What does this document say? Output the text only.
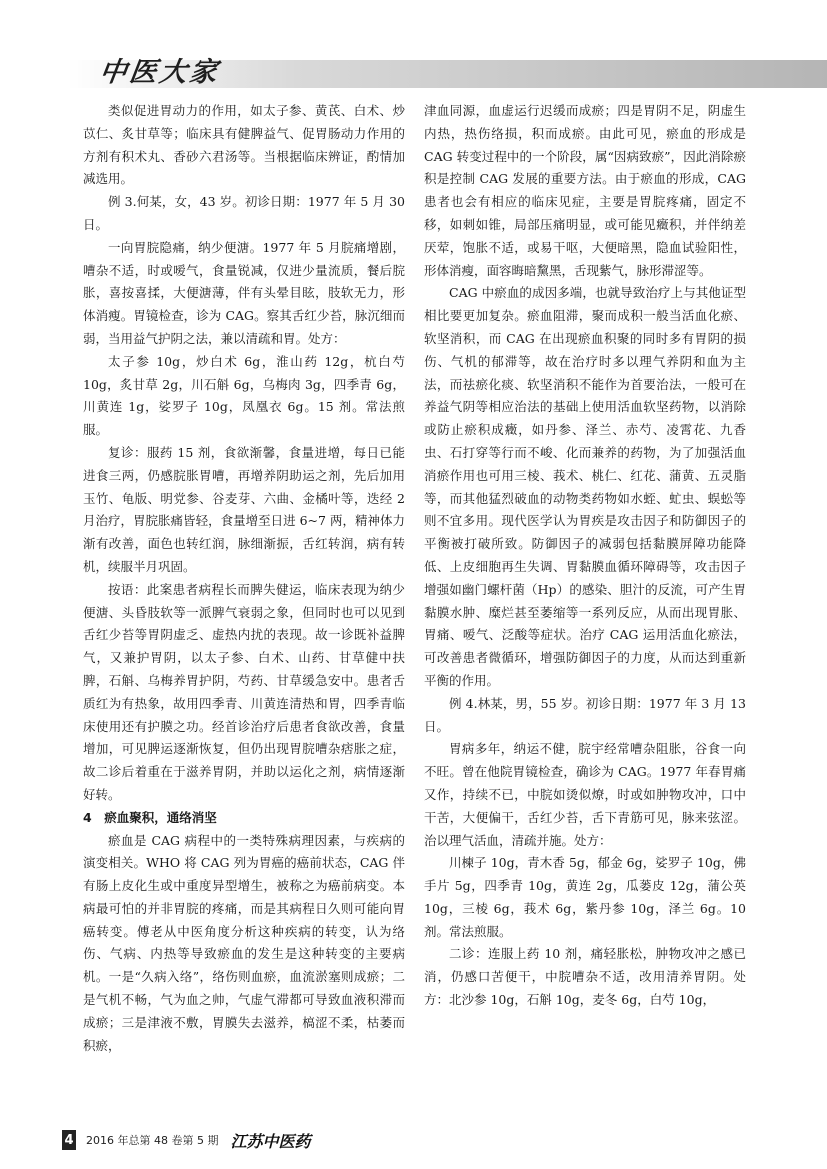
中医大家

类似促进胃动力的作用，如太子参、黄芪、白术、炒苡仁、炙甘草等；临床具有健脾益气、促胃肠动力作用的方剂有积术丸、香砂六君汤等。当根据临床辨证，酌情加减选用。

例 3.何某，女，43 岁。初诊日期：1977 年 5 月 30 日。

一向胃脘隐痛，纳少便溏。1977 年 5 月脘痛增剧，嘈杂不适，时或嗳气，食量锐减，仅进少量流质，餐后脘胀，喜按喜揉，大便溏薄，伴有头晕目眩，肢软无力，形体消瘦。胃镜检查，诊为 CAG。察其舌红少苔，脉沉细而弱，当用益气护阴之法，兼以清疏和胃。处方：

太子参 10g，炒白术 6g，淮山药 12g，杭白芍 10g，炙甘草 2g，川石斛 6g，乌梅肉 3g，四季青 6g，川黄连 1g，娑罗子 10g，凤凰衣 6g。15 剂。常法煎服。

复诊：服药 15 剂，食欲渐馨，食量进增，每日已能进食三两，仍感脘胀胃嘈，再增养阴助运之剂，先后加用玉竹、龟版、明党参、谷麦芽、六曲、金橘叶等，迭经 2 月治疗，胃脘胀痛皆轻，食量增至日进 6~7 两，精神体力渐有改善，面色也转红润，脉细渐振，舌红转润，病有转机，续服半月巩固。

按语：此案患者病程长而脾失健运，临床表现为纳少便溏、头昏肢软等一派脾气衰弱之象，但同时也可以见到舌红少苔等胃阴虚乏、虚热内扰的表现。故一诊既补益脾气，又兼护胃阴，以太子参、白术、山药、甘草健中扶脾，石斛、乌梅养胃护阴，芍药、甘草缓急安中。患者舌质红为有热象，故用四季青、川黄连清热和胃，四季青临床使用还有护膜之功。经首诊治疗后患者食欲改善，食量增加，可见脾运逐渐恢复，但仍出现胃脘嘈杂痞胀之症，故二诊后着重在于滋养胃阴，并助以运化之剂，病情逐渐好转。

4　瘀血聚积，通络消坚

瘀血是 CAG 病程中的一类特殊病理因素，与疾病的演变相关。WHO 将 CAG 列为胃癌的癌前状态，CAG 伴有肠上皮化生或中重度异型增生，被称之为癌前病变。本病最可怕的并非胃脘的疼痛，而是其病程日久则可能向胃癌转变。傅老从中医角度分析这种疾病的转变，认为络伤、气病、内热等导致瘀血的发生是这种转变的主要病机。一是“久病入络”，络伤则血瘀，血流淤塞则成瘀；二是气机不畅，气为血之帅，气虚气滞都可导致血液积滞而成瘀；三是津液不敷，胃膜失去滋养，槁涩不柔，枯萎而积瘀，

津血同源，血虚运行迟缓而成瘀；四是胃阴不足，阴虚生内热，热伤络损，积而成瘀。由此可见，瘀血的形成是 CAG 转变过程中的一个阶段，属“因病致瘀”，因此消除瘀积是控制 CAG 发展的重要方法。由于瘀血的形成，CAG 患者也会有相应的临床见症，主要是胃脘疼痛，固定不移，如刺如锥，局部压痛明显，或可能见癥积，并伴纳差厌荤，饱胀不适，或易干呕，大便暗黑，隐血试验阳性，形体消瘦，面容晦暗黧黑，舌现紫气，脉形滞涩等。

CAG 中瘀血的成因多端，也就导致治疗上与其他证型相比要更加复杂。瘀血阻滞，聚而成积一般当活血化瘀、软坚消积，而 CAG 在出现瘀血积聚的同时多有胃阴的损伤、气机的郁滞等，故在治疗时多以理气养阴和血为主法，而祛瘀化痰、软坚消积不能作为首要治法，一般可在养益气阴等相应治法的基础上使用活血软坚药物，以消除或防止瘀积成癥，如丹参、泽兰、赤芍、凌霄花、九香虫、石打穿等行而不峻、化而兼养的药物，为了加强活血消瘀作用也可用三棱、莪术、桃仁、红花、蒲黄、五灵脂等，而其他猛烈破血的动物类药物如水蛭、虻虫、蜈蚣等则不宜多用。现代医学认为胃疾是攻击因子和防御因子的平衡被打破所致。防御因子的减弱包括黏膜屏障功能降低、上皮细胞再生失调、胃黏膜血循环障碍等，攻击因子增强如幽门螺杆菌（Hp）的感染、胆汁的反流，可产生胃黏膜水肿、糜烂甚至萎缩等一系列反应，从而出现胃胀、胃痛、嗳气、泛酸等症状。治疗 CAG 运用活血化瘀法，可改善患者微循环，增强防御因子的力度，从而达到重新平衡的作用。

例 4.林某，男，55 岁。初诊日期：1977 年 3 月 13 日。

胃病多年，纳运不健，脘宇经常嘈杂阻胀，谷食一向不旺。曾在他院胃镜检查，确诊为 CAG。1977 年春胃痛又作，持续不已，中脘如烫似燎，时或如肿物攻冲，口中干苦，大便偏干，舌红少苔，舌下青筋可见，脉来弦涩。治以理气活血，清疏并施。处方：

川楝子 10g，青木香 5g，郁金 6g，娑罗子 10g，佛手片 5g，四季青 10g，黄连 2g，瓜蒌皮 12g，蒲公英 10g，三棱 6g，莪术 6g，紫丹参 10g，泽兰 6g。10 剂。常法煎服。

二诊：连服上药 10 剂，痛轻胀松，肿物攻冲之感已消，仍感口苦便干，中脘嘈杂不适，改用清养胃阴。处方：北沙参 10g，石斛 10g，麦冬 6g，白芍 10g，

4 2016 年总第 48 卷第 5 期 江苏中医药
